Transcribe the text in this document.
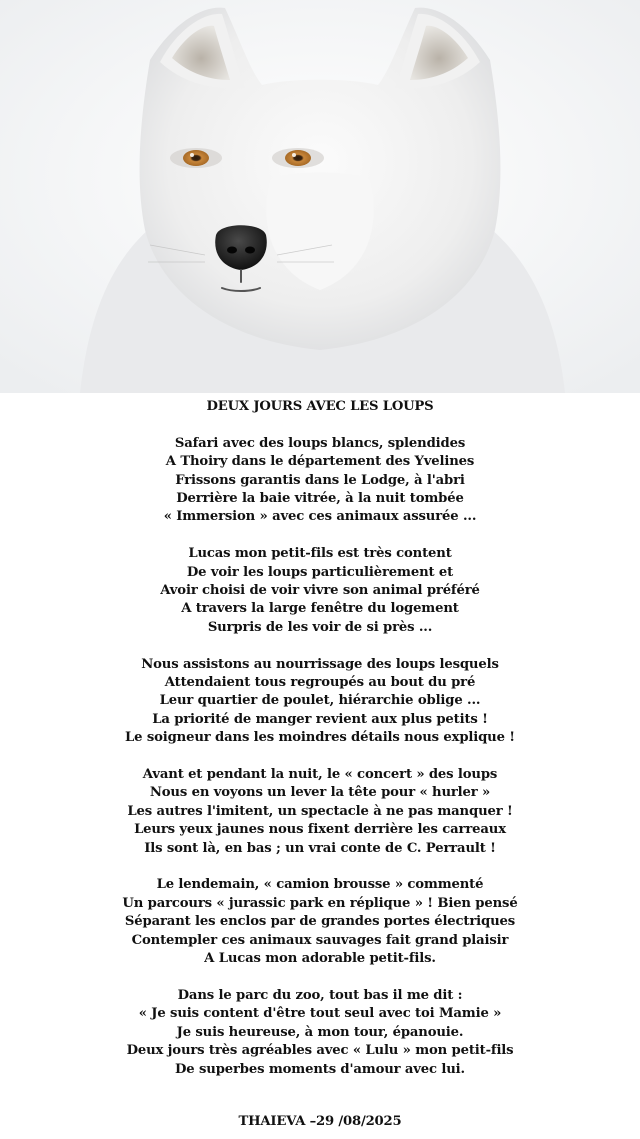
DEUX JOURS AVEC LES LOUPS
Safari avec des loups blancs, splendides
A Thoiry dans le département des Yvelines
Frissons garantis dans le Lodge, à l'abri
Derrière la baie vitrée, à la nuit tombée
« Immersion » avec ces animaux assurée ...
Lucas mon petit-fils est très content
De voir les loups particulièrement et
Avoir choisi de voir vivre son animal préféré
A travers la large fenêtre du logement
Surpris de les voir de si près ...
Nous assistons au nourrissage des loups lesquels
Attendaient tous regroupés au bout du pré
Leur quartier de poulet, hiérarchie oblige ...
La priorité de manger revient aux plus petits !
Le soigneur dans les moindres détails nous explique !
Avant et pendant la nuit, le « concert » des loups
Nous en voyons un lever la tête pour « hurler »
Les autres l'imitent, un spectacle à ne pas manquer !
Leurs yeux jaunes nous fixent derrière les carreaux
Ils sont là, en bas ; un vrai conte de C. Perrault !
Le lendemain, « camion brousse » commenté
Un parcours « jurassic park en réplique » ! Bien pensé
Séparant les enclos par de grandes portes électriques
Contempler ces animaux sauvages fait grand plaisir
A Lucas mon adorable petit-fils.
Dans le parc du zoo, tout bas il me dit :
« Je suis content d'être tout seul avec toi Mamie »
Je suis heureuse, à mon tour, épanouie.
Deux jours très agréables avec « Lulu » mon petit-fils
De superbes moments d'amour avec lui.
THAIEVA –29 /08/2025
